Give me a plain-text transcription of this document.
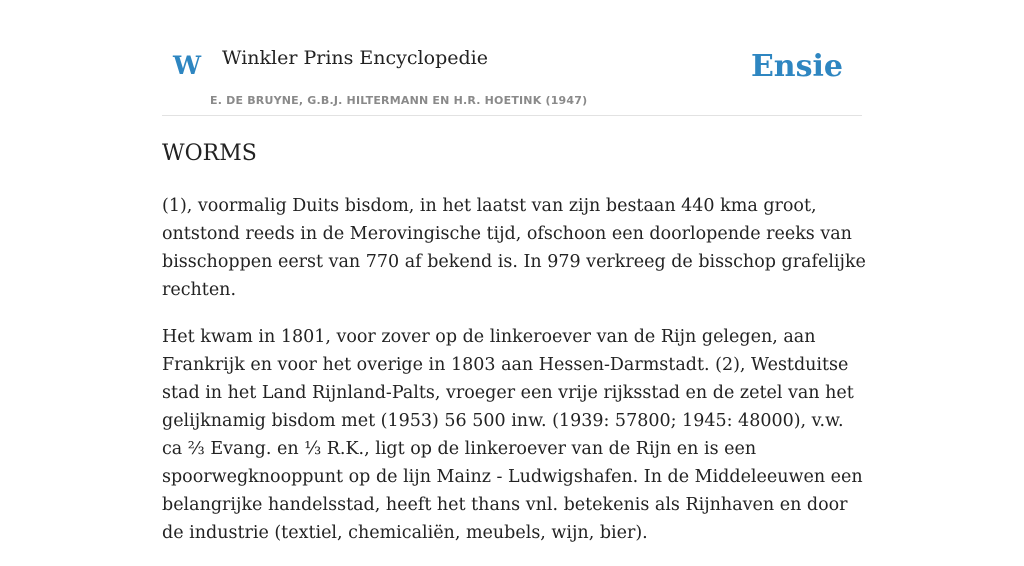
W Winkler Prins Encyclopedie
E. DE BRUYNE, G.B.J. HILTERMANN EN H.R. HOETINK (1947)
Ensie
WORMS

(1), voormalig Duits bisdom, in het laatst van zijn bestaan 440 kma groot, ontstond reeds in de Merovingische tijd, ofschoon een doorlopende reeks van bisschoppen eerst van 770 af bekend is. In 979 verkreeg de bisschop grafelijke rechten.

Het kwam in 1801, voor zover op de linkeroever van de Rijn gelegen, aan Frankrijk en voor het overige in 1803 aan Hessen-Darmstadt. (2), Westduitse stad in het Land Rijnland-Palts, vroeger een vrije rijksstad en de zetel van het gelijknamig bisdom met (1953) 56 500 inw. (1939: 57800; 1945: 48000), v.w. ca ⅔ Evang. en ⅓ R.K., ligt op de linkeroever van de Rijn en is een spoorwegknooppunt op de lijn Mainz - Ludwigshafen. In de Middeleeuwen een belangrijke handelsstad, heeft het thans vnl. betekenis als Rijnhaven en door de industrie (textiel, chemicaliën, meubels, wijn, bier).
